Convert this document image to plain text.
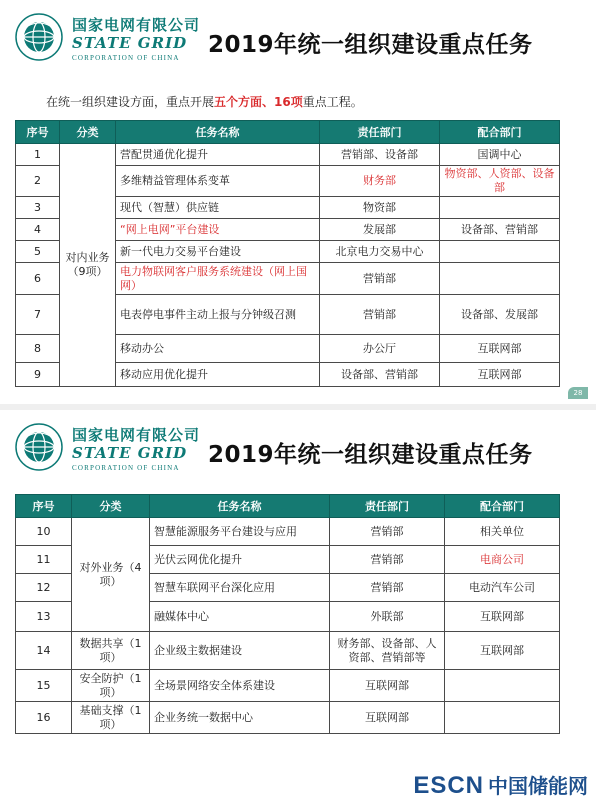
国家电网有限公司
STATE GRID
CORPORATION OF CHINA 2019年统一组织建设重点任务
在统一组织建设方面，重点开展五个方面、16项重点工程。
序号	分类	任务名称	责任部门	配合部门
1	对内业务（9项）	营配贯通优化提升	营销部、设备部	国调中心
2		多维精益管理体系变革	财务部	物资部、人资部、设备部
3		现代（智慧）供应链	物资部	
4		“网上电网”平台建设	发展部	设备部、营销部
5		新一代电力交易平台建设	北京电力交易中心	
6		电力物联网客户服务系统建设（网上国网）	营销部	
7		电表停电事件主动上报与分钟级召测	营销部	设备部、发展部
8		移动办公	办公厅	互联网部
9		移动应用优化提升	设备部、营销部	互联网部
28
国家电网有限公司
STATE GRID
CORPORATION OF CHINA 2019年统一组织建设重点任务
序号	分类	任务名称	责任部门	配合部门
10	对外业务（4项）	智慧能源服务平台建设与应用	营销部	相关单位
11		光伏云网优化提升	营销部	电商公司
12		智慧车联网平台深化应用	营销部	电动汽车公司
13		融媒体中心	外联部	互联网部
14	数据共享（1项）	企业级主数据建设	财务部、设备部、人资部、营销部等	互联网部
15	安全防护（1项）	全场景网络安全体系建设	互联网部	
16	基础支撑（1项）	企业务统一数据中心	互联网部	
ESCN 中国储能网
